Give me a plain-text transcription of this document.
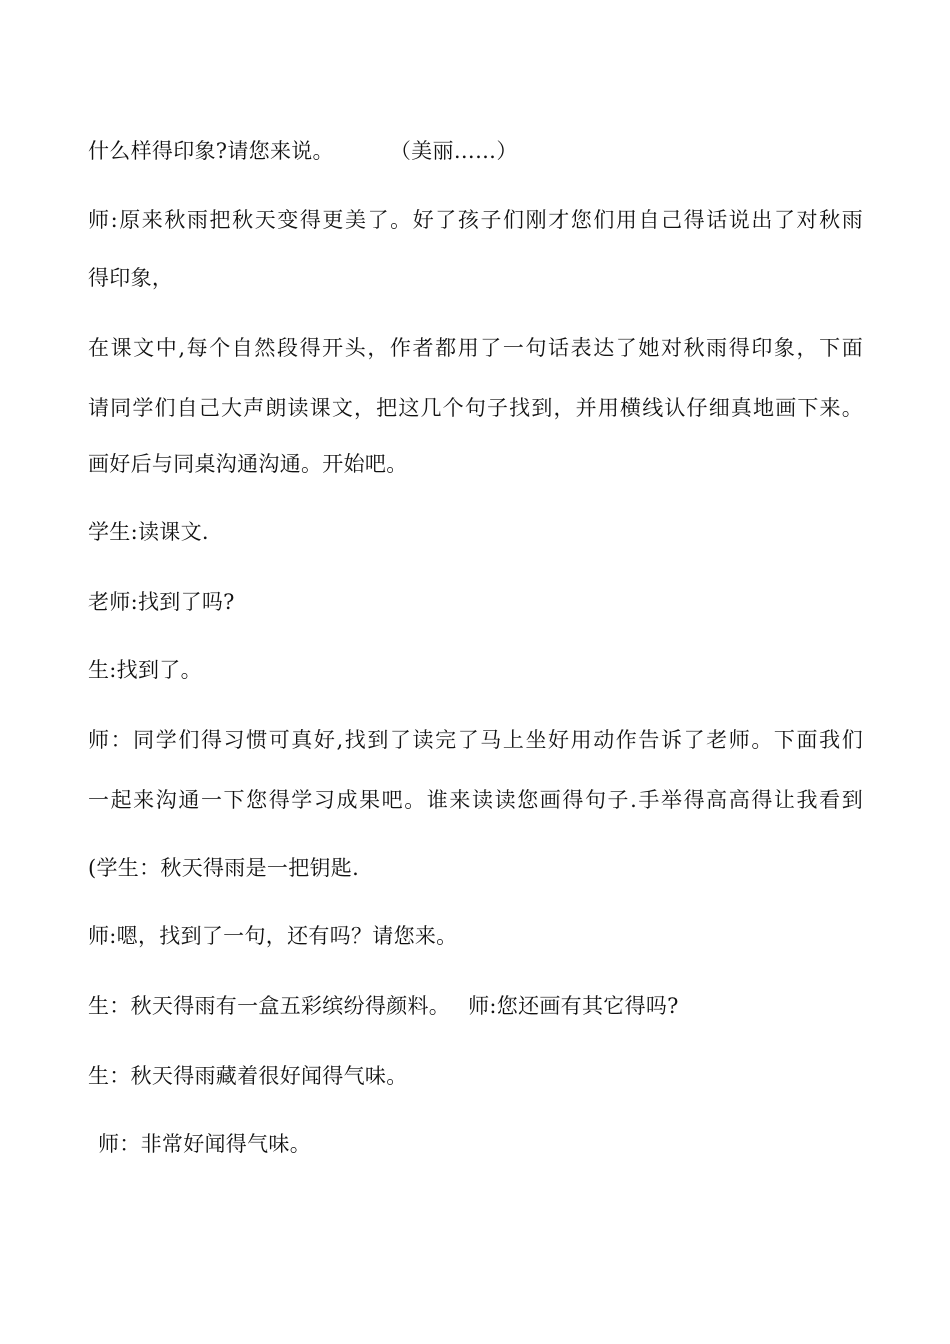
什么样得印象?请您来说。	（美丽……）
师:原来秋雨把秋天变得更美了。好了孩子们刚才您们用自己得话说出了对秋雨
得印象，
在课文中,每个自然段得开头，作者都用了一句话表达了她对秋雨得印象，下面
请同学们自己大声朗读课文，把这几个句子找到，并用横线认仔细真地画下来。
画好后与同桌沟通沟通。开始吧。
学生:读课文.
老师:找到了吗?
生:找到了。
师：同学们得习惯可真好,找到了读完了马上坐好用动作告诉了老师。下面我们
一起来沟通一下您得学习成果吧。谁来读读您画得句子.手举得高高得让我看到
(学生：秋天得雨是一把钥匙.
师:嗯，找到了一句，还有吗？请您来。
生：秋天得雨有一盒五彩缤纷得颜料。 师:您还画有其它得吗?
生：秋天得雨藏着很好闻得气味。
师：非常好闻得气味。
